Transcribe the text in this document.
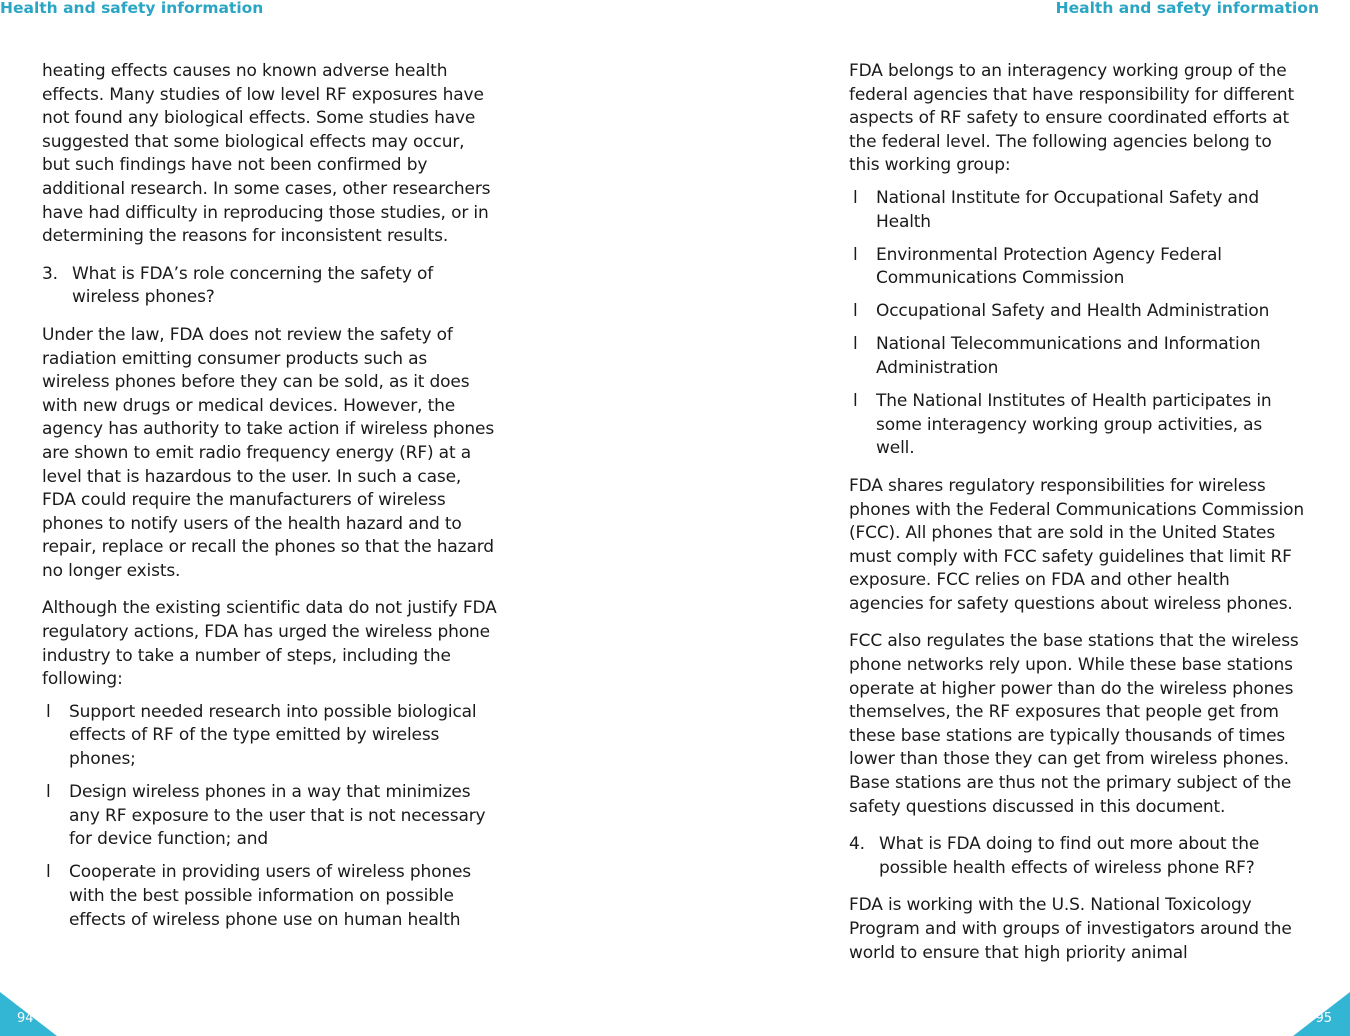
Health and safety information	Health and safety information

heating effects causes no known adverse health effects. Many studies of low level RF exposures have not found any biological effects. Some studies have suggested that some biological effects may occur, but such findings have not been confirmed by additional research. In some cases, other researchers have had difficulty in reproducing those studies, or in determining the reasons for inconsistent results.

3. What is FDA’s role concerning the safety of wireless phones?

Under the law, FDA does not review the safety of radiation emitting consumer products such as wireless phones before they can be sold, as it does with new drugs or medical devices. However, the agency has authority to take action if wireless phones are shown to emit radio frequency energy (RF) at a level that is hazardous to the user. In such a case, FDA could require the manufacturers of wireless phones to notify users of the health hazard and to repair, replace or recall the phones so that the hazard no longer exists.

Although the existing scientific data do not justify FDA regulatory actions, FDA has urged the wireless phone industry to take a number of steps, including the following:

l	Support needed research into possible biological effects of RF of the type emitted by wireless phones;
l	Design wireless phones in a way that minimizes any RF exposure to the user that is not necessary for device function; and
l	Cooperate in providing users of wireless phones with the best possible information on possible effects of wireless phone use on human health

FDA belongs to an interagency working group of the federal agencies that have responsibility for different aspects of RF safety to ensure coordinated efforts at the federal level. The following agencies belong to this working group:

l	National Institute for Occupational Safety and Health
l	Environmental Protection Agency Federal Communications Commission
l	Occupational Safety and Health Administration
l	National Telecommunications and Information Administration
l	The National Institutes of Health participates in some interagency working group activities, as well.

FDA shares regulatory responsibilities for wireless phones with the Federal Communications Commission (FCC). All phones that are sold in the United States must comply with FCC safety guidelines that limit RF exposure. FCC relies on FDA and other health agencies for safety questions about wireless phones.

FCC also regulates the base stations that the wireless phone networks rely upon. While these base stations operate at higher power than do the wireless phones themselves, the RF exposures that people get from these base stations are typically thousands of times lower than those they can get from wireless phones. Base stations are thus not the primary subject of the safety questions discussed in this document.

4. What is FDA doing to find out more about the possible health effects of wireless phone RF?

FDA is working with the U.S. National Toxicology Program and with groups of investigators around the world to ensure that high priority animal

94	95
